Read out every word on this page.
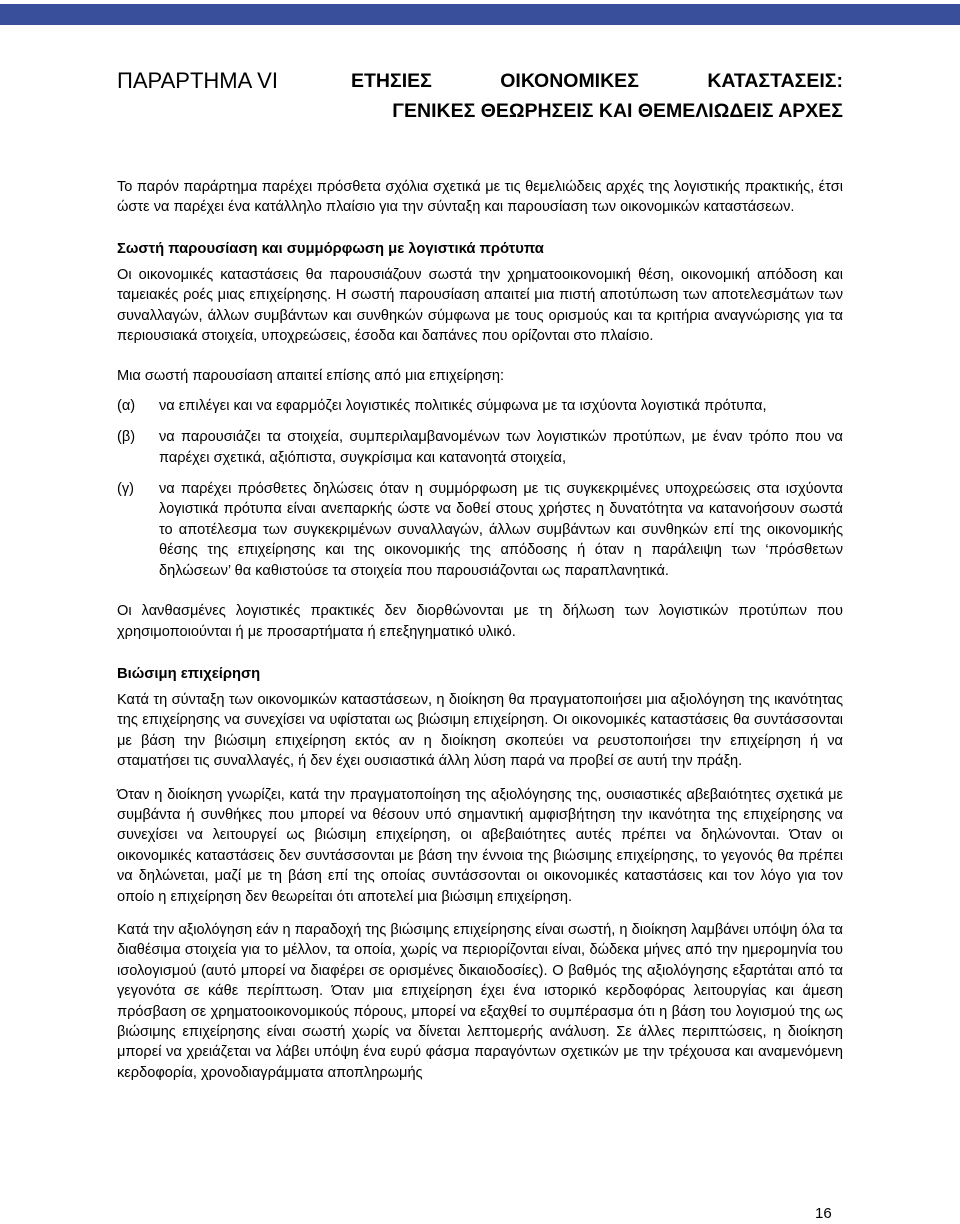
ΠΑΡΑΡΤΗΜΑ VI	ΕΤΗΣΙΕΣ	ΟΙΚΟΝΟΜΙΚΕΣ	ΚΑΤΑΣΤΑΣΕΙΣ:
ΓΕΝΙΚΕΣ ΘΕΩΡΗΣΕΙΣ ΚΑΙ ΘΕΜΕΛΙΩΔΕΙΣ ΑΡΧΕΣ

Το παρόν παράρτημα παρέχει πρόσθετα σχόλια σχετικά με τις θεμελιώδεις αρχές της λογιστικής πρακτικής, έτσι ώστε να παρέχει ένα κατάλληλο πλαίσιο για την σύνταξη και παρουσίαση των οικονομικών καταστάσεων.

Σωστή παρουσίαση και συμμόρφωση με λογιστικά πρότυπα

Οι οικονομικές καταστάσεις θα παρουσιάζουν σωστά την χρηματοοικονομική θέση, οικονομική απόδοση και ταμειακές ροές μιας επιχείρησης. Η σωστή παρουσίαση απαιτεί μια πιστή αποτύπωση των αποτελεσμάτων των συναλλαγών, άλλων συμβάντων και συνθηκών σύμφωνα με τους ορισμούς και τα κριτήρια αναγνώρισης για τα περιουσιακά στοιχεία, υποχρεώσεις, έσοδα και δαπάνες που ορίζονται στο πλαίσιο.

Μια σωστή παρουσίαση απαιτεί επίσης από μια επιχείρηση:

(α)	να επιλέγει και να εφαρμόζει λογιστικές πολιτικές σύμφωνα με τα ισχύοντα λογιστικά πρότυπα,

(β)	να παρουσιάζει τα στοιχεία, συμπεριλαμβανομένων των λογιστικών προτύπων, με έναν τρόπο που να παρέχει σχετικά, αξιόπιστα, συγκρίσιμα και κατανοητά στοιχεία,

(γ)	να παρέχει πρόσθετες δηλώσεις όταν η συμμόρφωση με τις συγκεκριμένες υποχρεώσεις στα ισχύοντα λογιστικά πρότυπα είναι ανεπαρκής ώστε να δοθεί στους χρήστες η δυνατότητα να κατανοήσουν σωστά το αποτέλεσμα των συγκεκριμένων συναλλαγών, άλλων συμβάντων και συνθηκών επί της οικονομικής θέσης της επιχείρησης και της οικονομικής της απόδοσης ή όταν η παράλειψη των ‘πρόσθετων δηλώσεων’ θα καθιστούσε τα στοιχεία που παρουσιάζονται ως παραπλανητικά.

Οι λανθασμένες λογιστικές πρακτικές δεν διορθώνονται με τη δήλωση των λογιστικών προτύπων που χρησιμοποιούνται ή με προσαρτήματα ή επεξηγηματικό υλικό.

Βιώσιμη επιχείρηση

Κατά τη σύνταξη των οικονομικών καταστάσεων, η διοίκηση θα πραγματοποιήσει μια αξιολόγηση της ικανότητας της επιχείρησης να συνεχίσει να υφίσταται ως βιώσιμη επιχείρηση. Οι οικονομικές καταστάσεις θα συντάσσονται με βάση την βιώσιμη επιχείρηση εκτός αν η διοίκηση σκοπεύει να ρευστοποιήσει την επιχείρηση ή να σταματήσει τις συναλλαγές, ή δεν έχει ουσιαστικά άλλη λύση παρά να προβεί σε αυτή την πράξη.

Όταν η διοίκηση γνωρίζει, κατά την πραγματοποίηση της αξιολόγησης της, ουσιαστικές αβεβαιότητες σχετικά με συμβάντα ή συνθήκες που μπορεί να θέσουν υπό σημαντική αμφισβήτηση την ικανότητα της επιχείρησης να συνεχίσει να λειτουργεί ως βιώσιμη επιχείρηση, οι αβεβαιότητες αυτές πρέπει να δηλώνονται. Όταν οι οικονομικές καταστάσεις δεν συντάσσονται με βάση την έννοια της βιώσιμης επιχείρησης, το γεγονός θα πρέπει να δηλώνεται, μαζί με τη βάση επί της οποίας συντάσσονται οι οικονομικές καταστάσεις και τον λόγο για τον οποίο η επιχείρηση δεν θεωρείται ότι αποτελεί μια βιώσιμη επιχείρηση.

Κατά την αξιολόγηση εάν η παραδοχή της βιώσιμης επιχείρησης είναι σωστή, η διοίκηση λαμβάνει υπόψη όλα τα διαθέσιμα στοιχεία για το μέλλον, τα οποία, χωρίς να περιορίζονται είναι, δώδεκα μήνες από την ημερομηνία του ισολογισμού (αυτό μπορεί να διαφέρει σε ορισμένες δικαιοδοσίες). Ο βαθμός της αξιολόγησης εξαρτάται από τα γεγονότα σε κάθε περίπτωση. Όταν μια επιχείρηση έχει ένα ιστορικό κερδοφόρας λειτουργίας και άμεση πρόσβαση σε χρηματοοικονομικούς πόρους, μπορεί να εξαχθεί το συμπέρασμα ότι η βάση του λογισμού της ως βιώσιμης επιχείρησης είναι σωστή χωρίς να δίνεται λεπτομερής ανάλυση. Σε άλλες περιπτώσεις, η διοίκηση μπορεί να χρειάζεται να λάβει υπόψη ένα ευρύ φάσμα παραγόντων σχετικών με την τρέχουσα και αναμενόμενη κερδοφορία, χρονοδιαγράμματα αποπληρωμής

16
